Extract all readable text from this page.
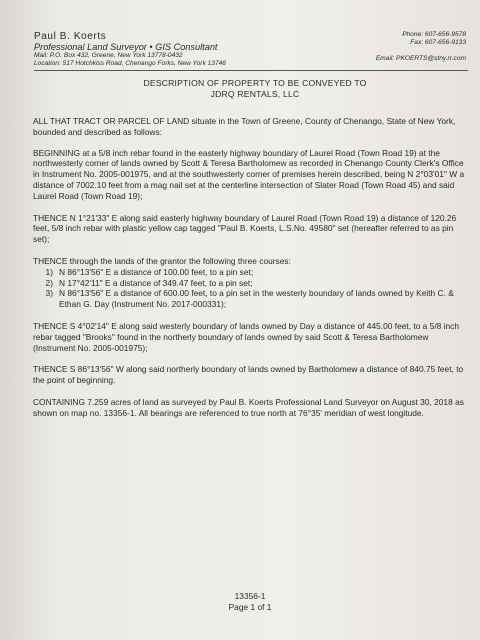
Paul B. Koerts
Professional Land Surveyor • GIS Consultant
Mail: P.O. Box 432, Greene, New York 13778-0432
Location: 517 Hotchkiss Road, Chenango Forks, New York 13746
Phone: 607-656-9578
Fax: 607-656-9133
Email: PKOERTS@stny.rr.com
DESCRIPTION OF PROPERTY TO BE CONVEYED TO
JDRQ RENTALS, LLC

ALL THAT TRACT OR PARCEL OF LAND situate in the Town of Greene, County of Chenango, State of New York, bounded and described as follows:

BEGINNING at a 5/8 inch rebar found in the easterly highway boundary of Laurel Road (Town Road 19) at the northwesterly corner of lands owned by Scott & Teresa Bartholomew as recorded in Chenango County Clerk’s Office in Instrument No. 2005-001975, and at the southwesterly corner of premises herein described, being N 2°03'01" W a distance of 7002.10 feet from a mag nail set at the centerline intersection of Slater Road (Town Road 45) and said Laurel Road (Town Road 19);

THENCE N 1°21'33" E along said easterly highway boundary of Laurel Road (Town Road 19) a distance of 120.26 feet, 5/8 inch rebar with plastic yellow cap tagged "Paul B. Koerts, L.S.No. 49580" set (hereafter referred to as pin set);

THENCE through the lands of the grantor the following three courses:

1) N 86°13'56" E a distance of 100.00 feet, to a pin set;
2) N 17°42'11" E a distance of 349.47 feet, to a pin set;
3) N 86°13'56" E a distance of 600.00 feet, to a pin set in the westerly boundary of lands owned by Keith C. & Ethan G. Day (Instrument No. 2017-000331);

THENCE S 4°02'14" E along said westerly boundary of lands owned by Day a distance of 445.00 feet, to a 5/8 inch rebar tagged "Brooks" found in the northerly boundary of lands owned by said Scott & Teresa Bartholomew (Instrument No. 2005-001975);

THENCE S 86°13'56" W along said northerly boundary of lands owned by Bartholomew a distance of 840.75 feet, to the point of beginning.

CONTAINING 7.259 acres of land as surveyed by Paul B. Koerts Professional Land Surveyor on August 30, 2018 as shown on map no. 13356-1. All bearings are referenced to true north at 76°35' meridian of west longitude.

13356-1
Page 1 of 1
